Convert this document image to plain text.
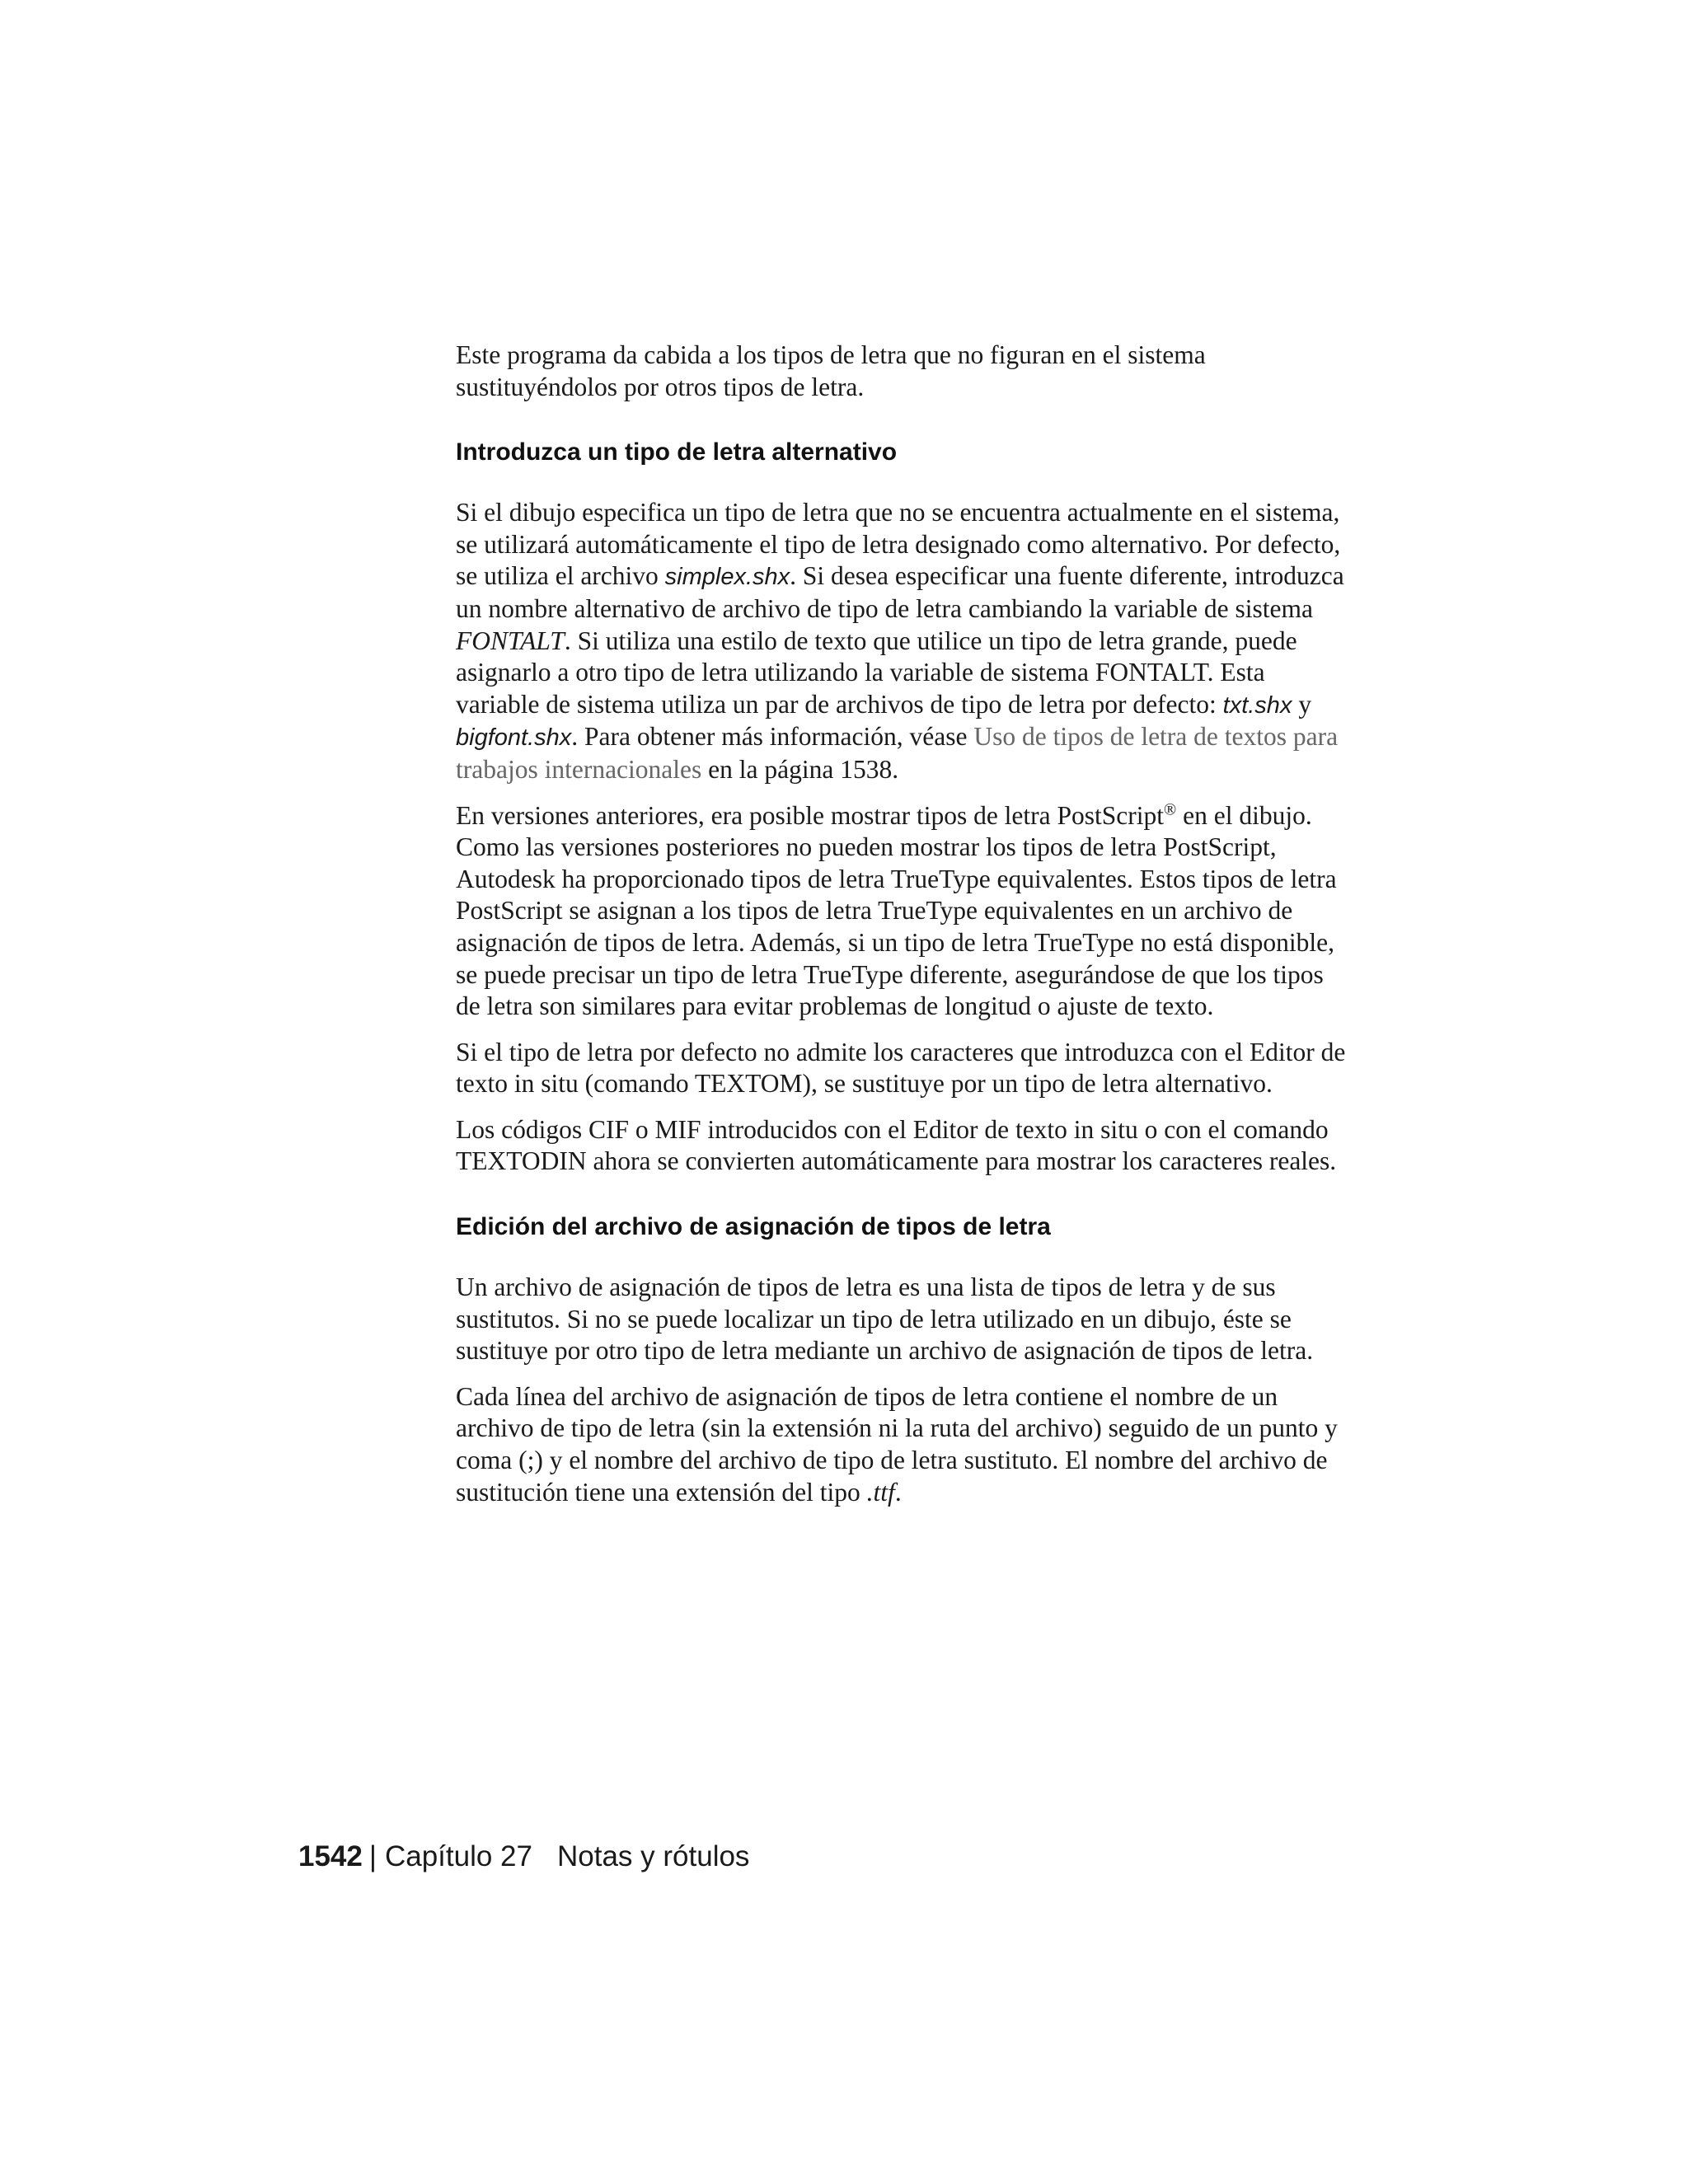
Este programa da cabida a los tipos de letra que no figuran en el sistema sustituyéndolos por otros tipos de letra.

Introduzca un tipo de letra alternativo

Si el dibujo especifica un tipo de letra que no se encuentra actualmente en el sistema, se utilizará automáticamente el tipo de letra designado como alternativo. Por defecto, se utiliza el archivo simplex.shx. Si desea especificar una fuente diferente, introduzca un nombre alternativo de archivo de tipo de letra cambiando la variable de sistema FONTALT. Si utiliza una estilo de texto que utilice un tipo de letra grande, puede asignarlo a otro tipo de letra utilizando la variable de sistema FONTALT. Esta variable de sistema utiliza un par de archivos de tipo de letra por defecto: txt.shx y bigfont.shx. Para obtener más información, véase Uso de tipos de letra de textos para trabajos internacionales en la página 1538.

En versiones anteriores, era posible mostrar tipos de letra PostScript® en el dibujo. Como las versiones posteriores no pueden mostrar los tipos de letra PostScript, Autodesk ha proporcionado tipos de letra TrueType equivalentes. Estos tipos de letra PostScript se asignan a los tipos de letra TrueType equivalentes en un archivo de asignación de tipos de letra. Además, si un tipo de letra TrueType no está disponible, se puede precisar un tipo de letra TrueType diferente, asegurándose de que los tipos de letra son similares para evitar problemas de longitud o ajuste de texto.

Si el tipo de letra por defecto no admite los caracteres que introduzca con el Editor de texto in situ (comando TEXTOM), se sustituye por un tipo de letra alternativo.

Los códigos CIF o MIF introducidos con el Editor de texto in situ o con el comando TEXTODIN ahora se convierten automáticamente para mostrar los caracteres reales.

Edición del archivo de asignación de tipos de letra

Un archivo de asignación de tipos de letra es una lista de tipos de letra y de sus sustitutos. Si no se puede localizar un tipo de letra utilizado en un dibujo, éste se sustituye por otro tipo de letra mediante un archivo de asignación de tipos de letra.

Cada línea del archivo de asignación de tipos de letra contiene el nombre de un archivo de tipo de letra (sin la extensión ni la ruta del archivo) seguido de un punto y coma (;) y el nombre del archivo de tipo de letra sustituto. El nombre del archivo de sustitución tiene una extensión del tipo .ttf.

1542 | Capítulo 27 Notas y rótulos
